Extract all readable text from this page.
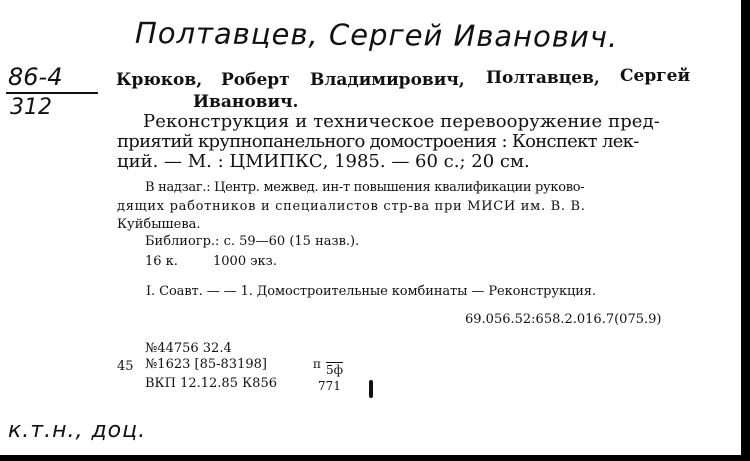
Полтавцев, Сергей Иванович.
86-4
312
Крюков, Роберт Владимирович, Полтавцев, Сергей
Иванович.
Реконструкция и техническое перевооружение пред-
приятий крупнопанельного домостроения : Конспект лек-
ций. — М. : ЦМИПКС, 1985. — 60 с.; 20 см.
В надзаг.: Центр. межвед. ин-т повышения квалификации руково-
дящих работников и специалистов стр-ва при МИСИ им. В. В.
Куйбышева.
Библиогр.: с. 59—60 (15 назв.).
16 к.	1000 экз.
I. Соавт. — — 1. Домостроительные комбинаты — Реконструкция.
69.056.52:658.2.016.7(075.9)
№44756 32.4
45 №1623 [85-83198]	п 5ф
ВКП 12.12.85 К856	771
к.т.н., доц.
